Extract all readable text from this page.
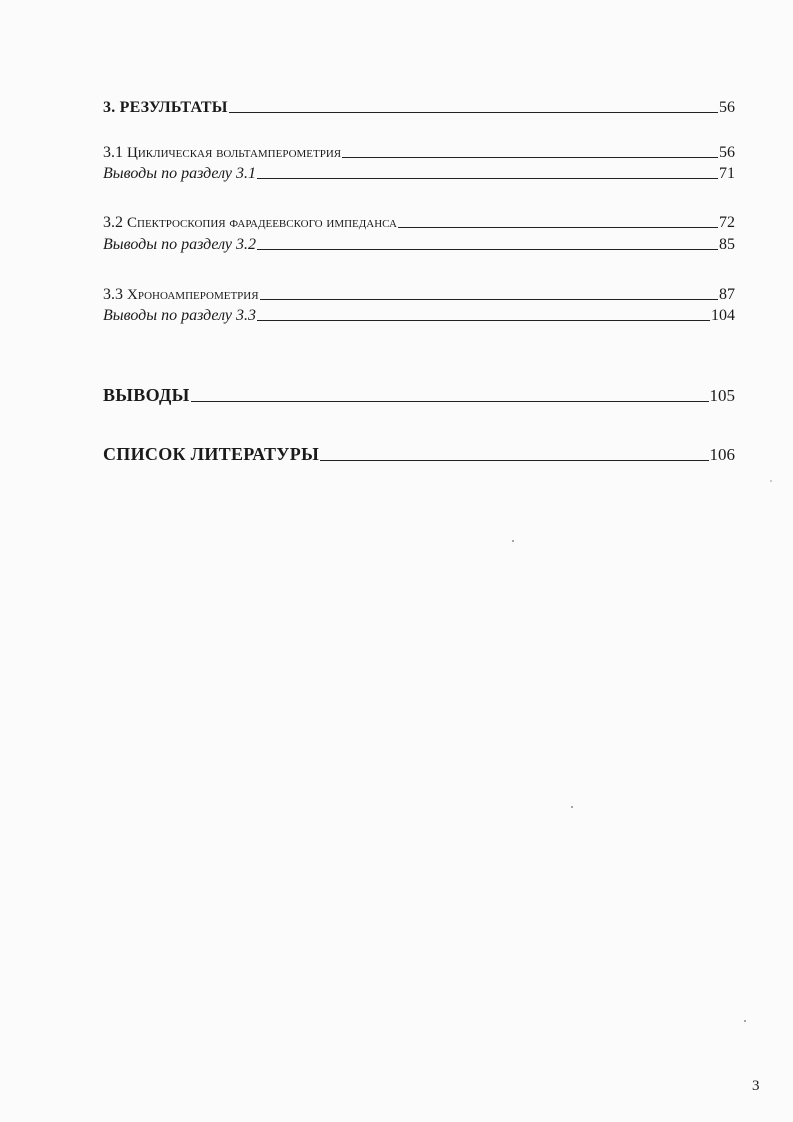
3. РЕЗУЛЬТАТЫ	56
3.1 Циклическая вольтамперометрия	56
Выводы по разделу 3.1	71
3.2 Спектроскопия фарадеевского импеданса	72
Выводы по разделу 3.2	85
3.3 Хроноамперометрия	87
Выводы по разделу 3.3	104
ВЫВОДЫ	105
СПИСОК ЛИТЕРАТУРЫ	106
3
